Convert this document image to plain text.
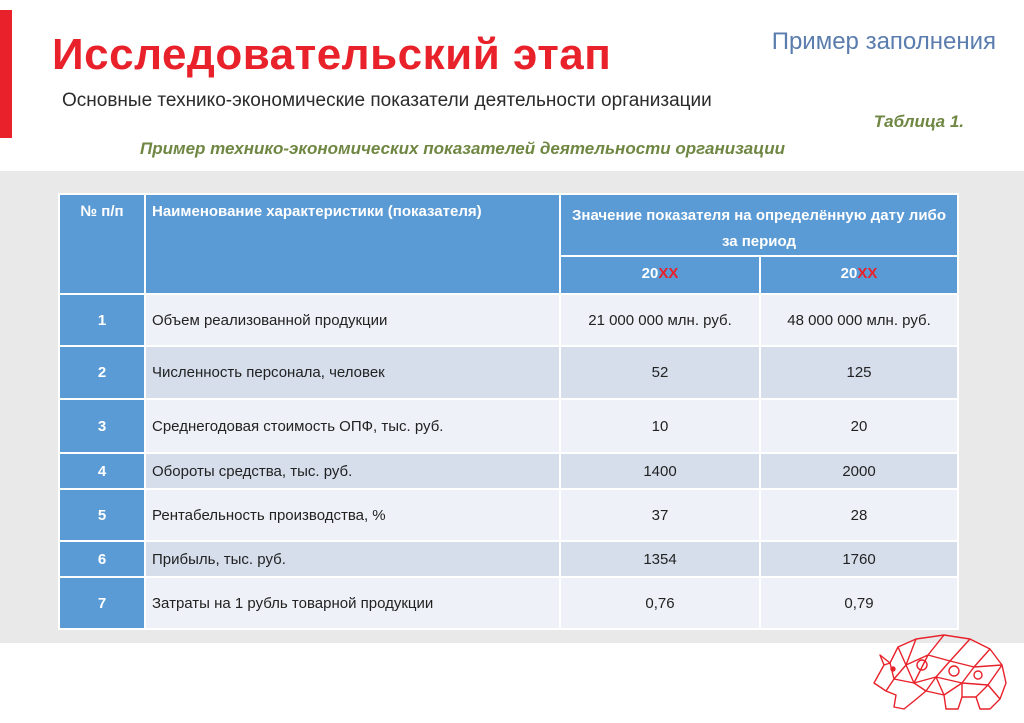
Исследовательский этап	Пример заполнения
Основные технико-экономические показатели деятельности организации
Таблица 1.
Пример технико-экономических показателей деятельности организации
№ п/п	Наименование характеристики (показателя)	Значение показателя на определённую дату либо за период	
		20XX	20XX
1	Объем реализованной продукции	21 000 000 млн. руб.	48 000 000 млн. руб.
2	Численность персонала, человек	52	125
3	Среднегодовая стоимость ОПФ, тыс. руб.	10	20
4	Обороты средства, тыс. руб.	1400	2000
5	Рентабельность производства, %	37	28
6	Прибыль, тыс. руб.	1354	1760
7	Затраты на 1 рубль товарной продукции	0,76	0,79
